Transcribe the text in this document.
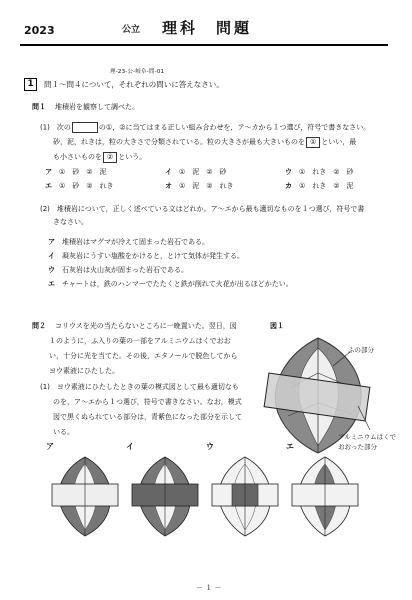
2023	公立 理科　問題
理-23-公-岐阜-問-01
1	問１～問４について，それぞれの問いに答えなさい。
問１ 堆積岩を観察して調べた。
(1)　次の	の①，②に当てはまる正しい組み合わせを，ア～カから１つ選び，符号で書きなさい。
砂，泥，れきは，粒の大きさで分類されている。粒の大きさが最も大きいものを ① といい，最
も小さいものを ② という。
ア　 ①　砂　 ②　泥	イ　 ①　泥　 ②　砂	ウ　 ①　れき　 ②　砂
エ　 ①　砂　 ②　れき	オ　 ①　泥　 ②　れき	カ　 ①　れき　 ②　泥
(2)　堆積岩について，正しく述べている文はどれか。ア～エから最も適切なものを１つ選び，符号で書
きなさい。
ア　 堆積岩はマグマが冷えて固まった岩石である。
イ　 凝灰岩にうすい塩酸をかけると，とけて気体が発生する。
ウ　 石灰岩は火山灰が固まった岩石である。
エ　 チャートは，鉄のハンマーでたたくと鉄が削れて火花が出るほどかたい。
問２ コリウスを光の当たらないところに一晩置いた。翌日，図
１のように，ふ入りの葉の一部をアルミニウムはくでおお
い，十分に光を当てた。その後，エタノールで脱色してから
ヨウ素液にひたした。
図１
ふの部分
アルミニウムはくで
おおった部分
(1)　ヨウ素液にひたしたときの葉の模式図として最も適切なも
のを，ア～エから１つ選び，符号で書きなさい。なお，模式
図で黒くぬられている部分は，青紫色になった部分を示して
いる。
ア	イ	ウ	エ
－ １ －
